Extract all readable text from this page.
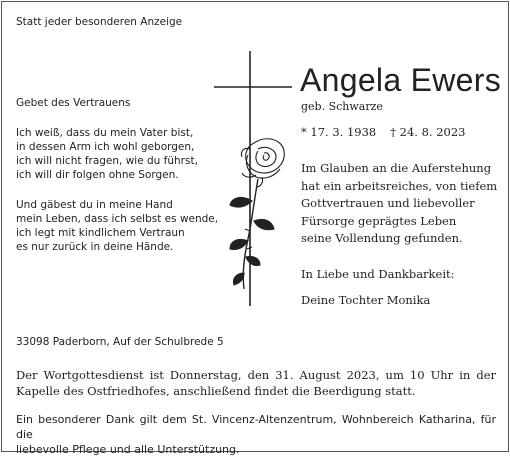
Statt jeder besonderen Anzeige
Gebet des Vertrauens

Ich weiß, dass du mein Vater bist,

in dessen Arm ich wohl geborgen,

ich will nicht fragen, wie du führst,

ich will dir folgen ohne Sorgen.

Und gäbest du in meine Hand

mein Leben, dass ich selbst es wende,

ich legt mit kindlichem Vertraun

es nur zurück in deine Hände.

Angela Ewers
geb. Schwarze
* 17. 3. 1938 † 24. 8. 2023

Im Glauben an die Auferstehung

hat ein arbeitsreiches, von tiefem

Gottvertrauen und liebevoller

Fürsorge geprägtes Leben

seine Vollendung gefunden.

In Liebe und Dankbarkeit:
Deine Tochter Monika
33098 Paderborn, Auf der Schulbrede 5
Der Wortgottesdienst ist Donnerstag, den 31. August 2023, um 10 Uhr in der
Kapelle des Ostfriedhofes, anschließend findet die Beerdigung statt.
Ein besonderer Dank gilt dem St. Vincenz-Altenzentrum, Wohnbereich Katharina, für die
liebevolle Pflege und alle Unterstützung.
